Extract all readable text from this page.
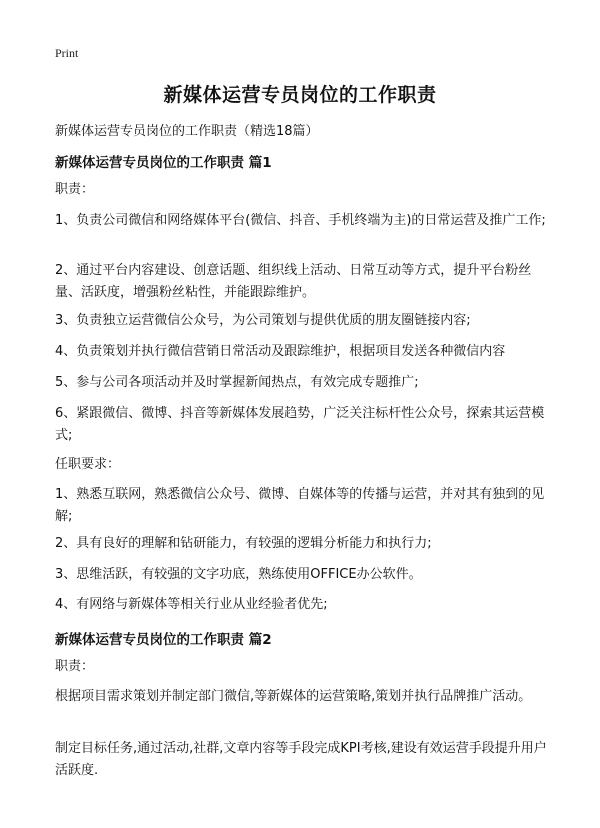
Print
新媒体运营专员岗位的工作职责
新媒体运营专员岗位的工作职责（精选18篇）
新媒体运营专员岗位的工作职责 篇1
职责：
1、负责公司微信和网络媒体平台(微信、抖音、手机终端为主)的日常运营及推广工作;
2、通过平台内容建设、创意话题、组织线上活动、日常互动等方式，提升平台粉丝量、活跃度，增强粉丝粘性，并能跟踪维护。
3、负责独立运营微信公众号，为公司策划与提供优质的朋友圈链接内容;
4、负责策划并执行微信营销日常活动及跟踪维护，根据项目发送各种微信内容
5、参与公司各项活动并及时掌握新闻热点，有效完成专题推广;
6、紧跟微信、微博、抖音等新媒体发展趋势，广泛关注标杆性公众号，探索其运营模式;
任职要求：
1、熟悉互联网，熟悉微信公众号、微博、自媒体等的传播与运营，并对其有独到的见解;
2、具有良好的理解和钻研能力，有较强的逻辑分析能力和执行力;
3、思维活跃，有较强的文字功底，熟练使用OFFICE办公软件。
4、有网络与新媒体等相关行业从业经验者优先;
新媒体运营专员岗位的工作职责 篇2
职责：
根据项目需求策划并制定部门微信,等新媒体的运营策略,策划并执行品牌推广活动。
制定目标任务,通过活动,社群,文章内容等手段完成KPI考核,建设有效运营手段提升用户活跃度.
